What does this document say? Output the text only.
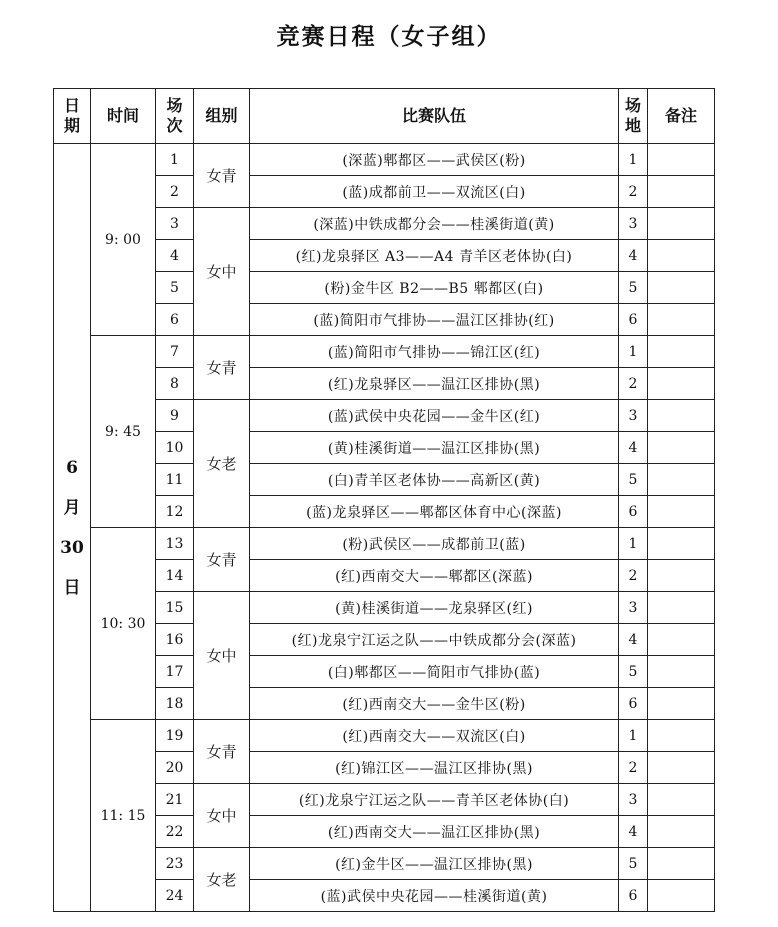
竞赛日程（女子组）
日期	时间	场次	组别	比赛队伍	场地	备注

6
月
30
日	9: 00	1	女青	(深蓝)郫都区——武侯区(粉)	1	
		2		(蓝)成都前卫——双流区(白)	2	
		3	女中	(深蓝)中铁成都分会——桂溪街道(黄)	3	
		4		(红)龙泉驿区 A3——A4 青羊区老体协(白)	4	
		5		(粉)金牛区 B2——B5 郫都区(白)	5	
		6		(蓝)简阳市气排协——温江区排协(红)	6	
	9: 45	7	女青	(蓝)简阳市气排协——锦江区(红)	1	
		8		(红)龙泉驿区——温江区排协(黑)	2	
		9	女老	(蓝)武侯中央花园——金牛区(红)	3	
		10		(黄)桂溪街道——温江区排协(黑)	4	
		11		(白)青羊区老体协——高新区(黄)	5	
		12		(蓝)龙泉驿区——郫都区体育中心(深蓝)	6	
	10: 30	13	女青	(粉)武侯区——成都前卫(蓝)	1	
		14		(红)西南交大——郫都区(深蓝)	2	
		15	女中	(黄)桂溪街道——龙泉驿区(红)	3	
		16		(红)龙泉宁江运之队——中铁成都分会(深蓝)	4	
		17		(白)郫都区——简阳市气排协(蓝)	5	
		18		(红)西南交大——金牛区(粉)	6	
	11: 15	19	女青	(红)西南交大——双流区(白)	1	
		20		(红)锦江区——温江区排协(黑)	2	
		21	女中	(红)龙泉宁江运之队——青羊区老体协(白)	3	
		22		(红)西南交大——温江区排协(黑)	4	
		23	女老	(红)金牛区——温江区排协(黑)	5	
		24		(蓝)武侯中央花园——桂溪街道(黄)	6	
